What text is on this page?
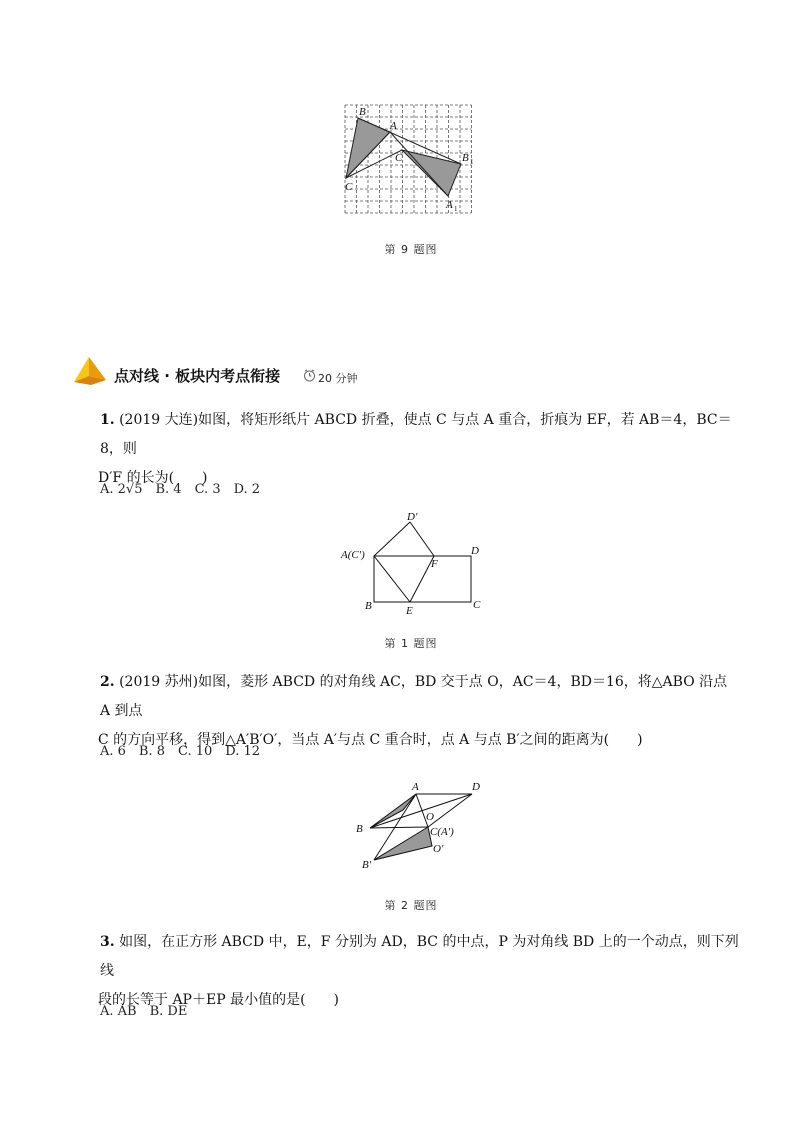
B
A
C
C
B
A
1
1
第 9 题图
点对线 · 板块内考点衔接	20 分钟
1. (2019 大连)如图，将矩形纸片 ABCD 折叠，使点 C 与点 A 重合，折痕为 EF，若 AB＝4，BC＝8，则
D′F 的长为(　　)
A. 2√5　B. 4　C. 3　D. 2
D′
A(C′)	D
F
B	E	C
第 1 题图
2. (2019 苏州)如图，菱形 ABCD 的对角线 AC，BD 交于点 O，AC＝4，BD＝16，将△ABO 沿点 A 到点
C 的方向平移，得到△A′B′O′，当点 A′与点 C 重合时，点 A 与点 B′之间的距离为(　　)
A. 6　B. 8　C. 10　D. 12
A	D
O
B	C(A′)
O′
B′
第 2 题图
3. 如图，在正方形 ABCD 中，E，F 分别为 AD，BC 的中点，P 为对角线 BD 上的一个动点，则下列线
段的长等于 AP＋EP 最小值的是(　　)
A. AB　B. DE
